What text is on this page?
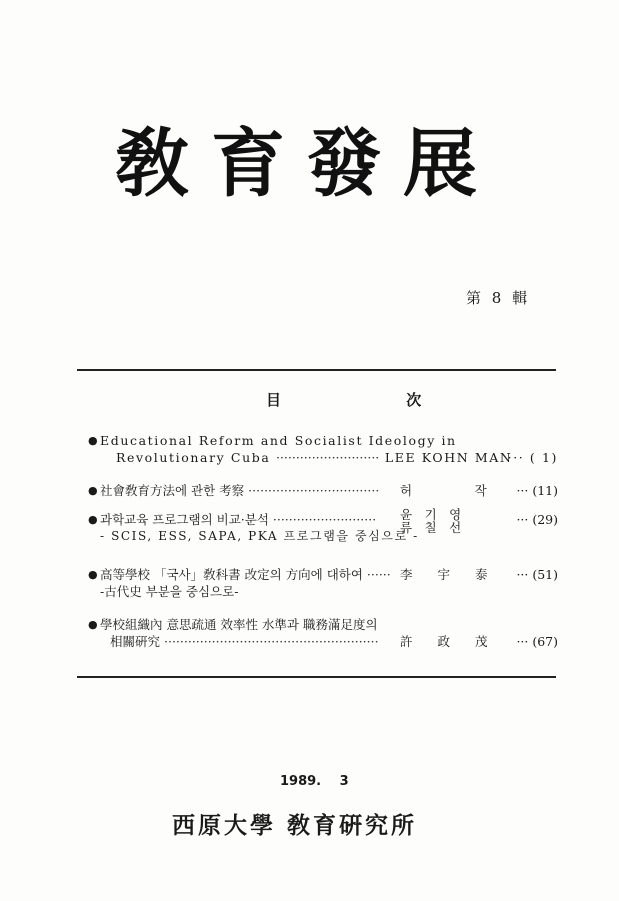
敎育發展
第 8 輯
目 次
● Educational Reform and Socialist Ideology in
Revolutionary Cuba ·························· LEE KOHN MAN
··· ( 1)
● 社會敎育方法에 관한 考察 ································· 허　　　　　작 ··· (11)
● 과학교육 프로그램의 비교·분석 ·························· 윤　기　영
류　칠　선
··· (29)
- SCIS, ESS, SAPA, PKA 프로그램을 중심으로 -
● 高等學校 「국사」敎科書 改定의 方向에 대하여 ······ 李　　宇　　泰 ··· (51)
-古代史 부분을 중심으로-
● 學校組織內 意思疏通 效率性 水準과 職務滿足度의
相關硏究 ······················································ 許　　政　　茂 ··· (67)
1989. 3
西原大學 敎育硏究所
